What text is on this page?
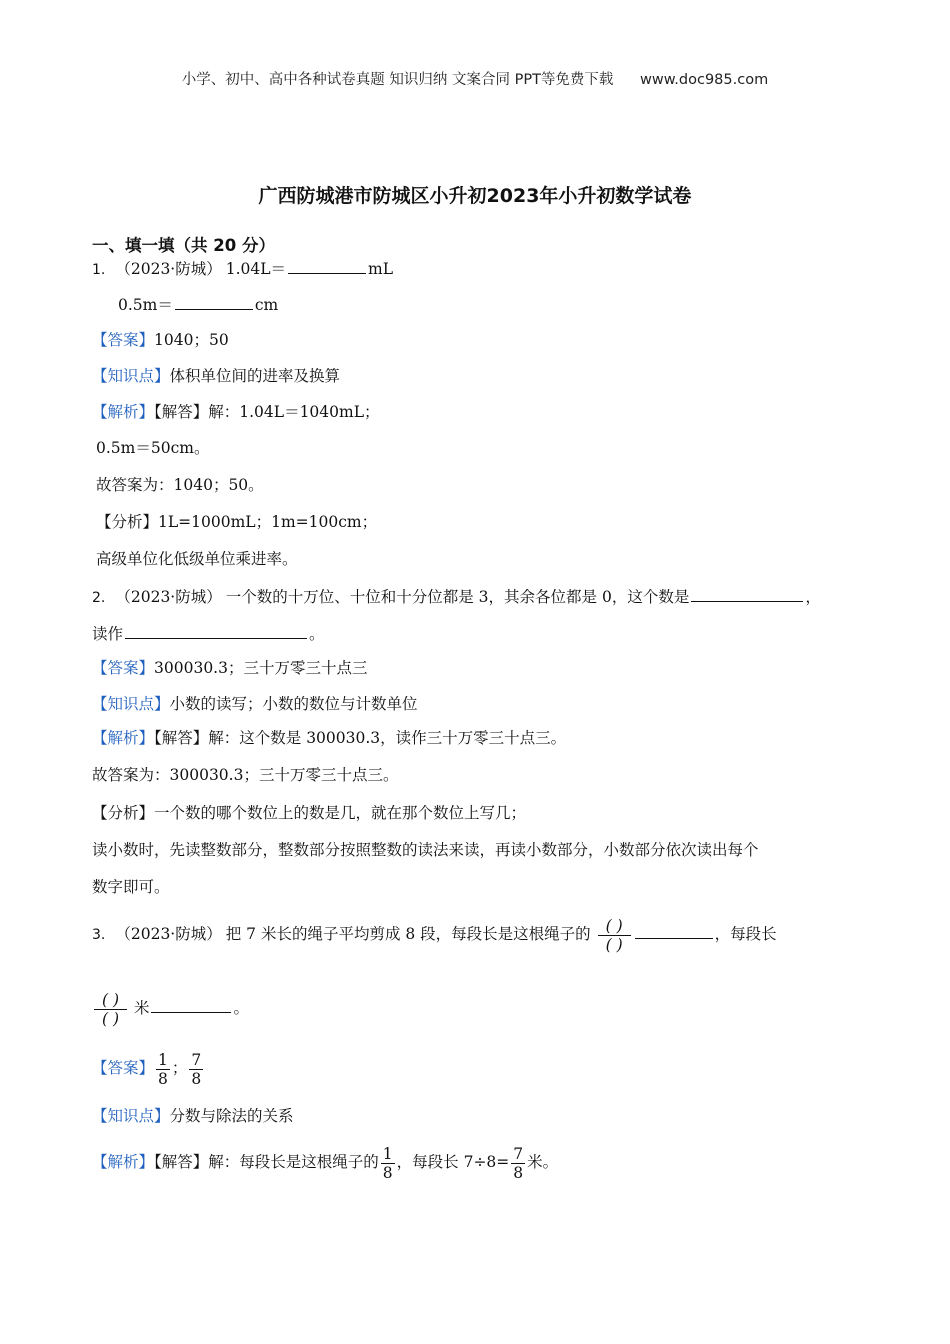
小学、初中、高中各种试卷真题 知识归纳 文案合同 PPT等免费下载 www.doc985.com
广西防城港市防城区小升初2023年小升初数学试卷
一、填一填（共 20 分）
1. （2023·防城） 1.04L＝	mL
0.5m＝	cm
【答案】1040；50
【知识点】体积单位间的进率及换算
【解析】【解答】解：1.04L＝1040mL；
0.5m＝50cm。
故答案为：1040；50。
【分析】1L=1000mL；1m=100cm；
高级单位化低级单位乘进率。
2. （2023·防城） 一个数的十万位、十位和十分位都是 3，其余各位都是 0，这个数是	，
读作	。
【答案】300030.3；三十万零三十点三
【知识点】小数的读写；小数的数位与计数单位
【解析】【解答】解：这个数是 300030.3，读作三十万零三十点三。
故答案为：300030.3；三十万零三十点三。
【分析】一个数的哪个数位上的数是几，就在那个数位上写几；
读小数时，先读整数部分，整数部分按照整数的读法来读，再读小数部分，小数部分依次读出每个
数字即可。
3. （2023·防城） 把 7 米长的绳子平均剪成 8 段，每段长是这根绳子的 $\frac{( )}{( )}$	，每段长
$\frac{( )}{( )}$ 米	。
【答案】 $\frac{1}{8}$ ； $\frac{7}{8}$
【知识点】分数与除法的关系
【解析】【解答】解：每段长是这根绳子的 $\frac{1}{8}$ ，每段长 $7\div 8= \frac{7}{8}$ 米。
